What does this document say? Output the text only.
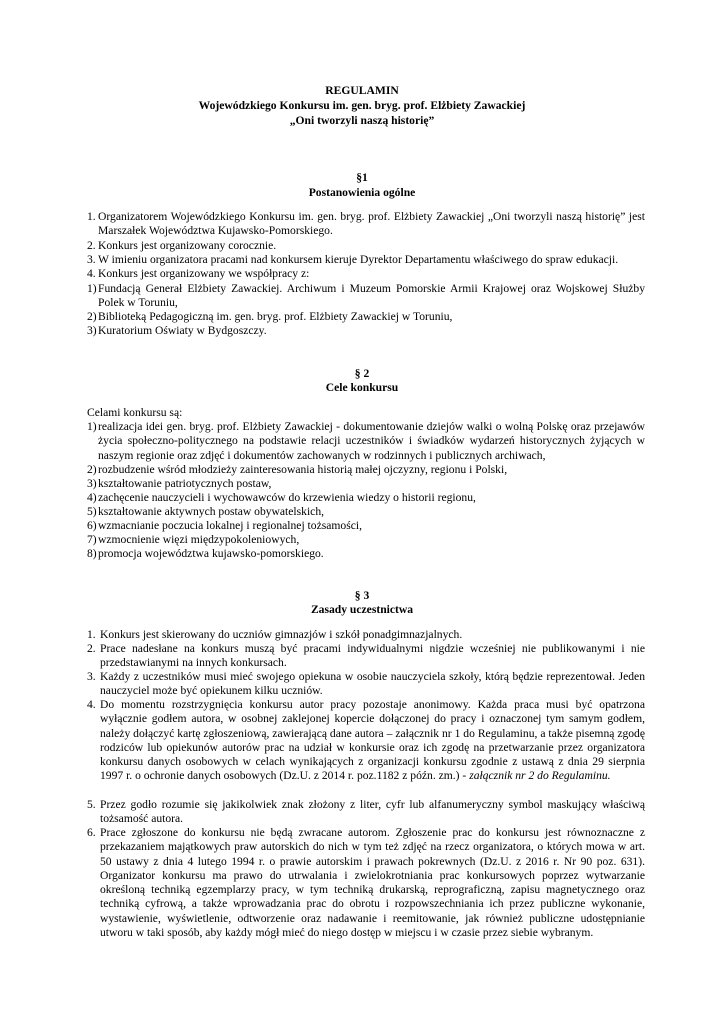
REGULAMIN
Wojewódzkiego Konkursu im. gen. bryg. prof. Elżbiety Zawackiej
„Oni tworzyli naszą historię”
§1
Postanowienia ogólne
1. Organizatorem Wojewódzkiego Konkursu im. gen. bryg. prof. Elżbiety Zawackiej „Oni tworzyli naszą historię” jest Marszałek Województwa Kujawsko-Pomorskiego.
2. Konkurs jest organizowany corocznie.
3. W imieniu organizatora pracami nad konkursem kieruje Dyrektor Departamentu właściwego do spraw edukacji.
4. Konkurs jest organizowany we współpracy z:
1) Fundacją Generał Elżbiety Zawackiej. Archiwum i Muzeum Pomorskie Armii Krajowej oraz Wojskowej Służby Polek w Toruniu,
2) Biblioteką Pedagogiczną im. gen. bryg. prof. Elżbiety Zawackiej w Toruniu,
3) Kuratorium Oświaty w Bydgoszczy.
§ 2
Cele konkursu
Celami konkursu są:
1) realizacja idei gen. bryg. prof. Elżbiety Zawackiej - dokumentowanie dziejów walki o wolną Polskę oraz przejawów życia społeczno-politycznego na podstawie relacji uczestników i świadków wydarzeń historycznych żyjących w naszym regionie oraz zdjęć i dokumentów zachowanych w rodzinnych i publicznych archiwach,
2) rozbudzenie wśród młodzieży zainteresowania historią małej ojczyzny, regionu i Polski,
3) kształtowanie patriotycznych postaw,
4) zachęcenie nauczycieli i wychowawców do krzewienia wiedzy o historii regionu,
5) kształtowanie aktywnych postaw obywatelskich,
6) wzmacnianie poczucia lokalnej i regionalnej tożsamości,
7) wzmocnienie więzi międzypokoleniowych,
8) promocja województwa kujawsko-pomorskiego.
§ 3
Zasady uczestnictwa
1. Konkurs jest skierowany do uczniów gimnazjów i szkół ponadgimnazjalnych.
2. Prace nadesłane na konkurs muszą być pracami indywidualnymi nigdzie wcześniej nie publikowanymi i nie przedstawianymi na innych konkursach.
3. Każdy z uczestników musi mieć swojego opiekuna w osobie nauczyciela szkoły, którą będzie reprezentował. Jeden nauczyciel może być opiekunem kilku uczniów.
4. Do momentu rozstrzygnięcia konkursu autor pracy pozostaje anonimowy. Każda praca musi być opatrzona wyłącznie godłem autora, w osobnej zaklejonej kopercie dołączonej do pracy i oznaczonej tym samym godłem, należy dołączyć kartę zgłoszeniową, zawierającą dane autora – załącznik nr 1 do Regulaminu, a także pisemną zgodę rodziców lub opiekunów autorów prac na udział w konkursie oraz ich zgodę na przetwarzanie przez organizatora konkursu danych osobowych w celach wynikających z organizacji konkursu zgodnie z ustawą z dnia 29 sierpnia 1997 r. o ochronie danych osobowych (Dz.U. z 2014 r. poz.1182 z późn. zm.) - załącznik nr 2 do Regulaminu.
5. Przez godło rozumie się jakikolwiek znak złożony z liter, cyfr lub alfanumeryczny symbol maskujący właściwą tożsamość autora.
6. Prace zgłoszone do konkursu nie będą zwracane autorom. Zgłoszenie prac do konkursu jest równoznaczne z przekazaniem majątkowych praw autorskich do nich w tym też zdjęć na rzecz organizatora, o których mowa w art. 50 ustawy z dnia 4 lutego 1994 r. o prawie autorskim i prawach pokrewnych (Dz.U. z 2016 r. Nr 90 poz. 631). Organizator konkursu ma prawo do utrwalania i zwielokrotniania prac konkursowych poprzez wytwarzanie określoną techniką egzemplarzy pracy, w tym techniką drukarską, reprograficzną, zapisu magnetycznego oraz techniką cyfrową, a także wprowadzania prac do obrotu i rozpowszechniania ich przez publiczne wykonanie, wystawienie, wyświetlenie, odtworzenie oraz nadawanie i reemitowanie, jak również publiczne udostępnianie utworu w taki sposób, aby każdy mógł mieć do niego dostęp w miejscu i w czasie przez siebie wybranym.
